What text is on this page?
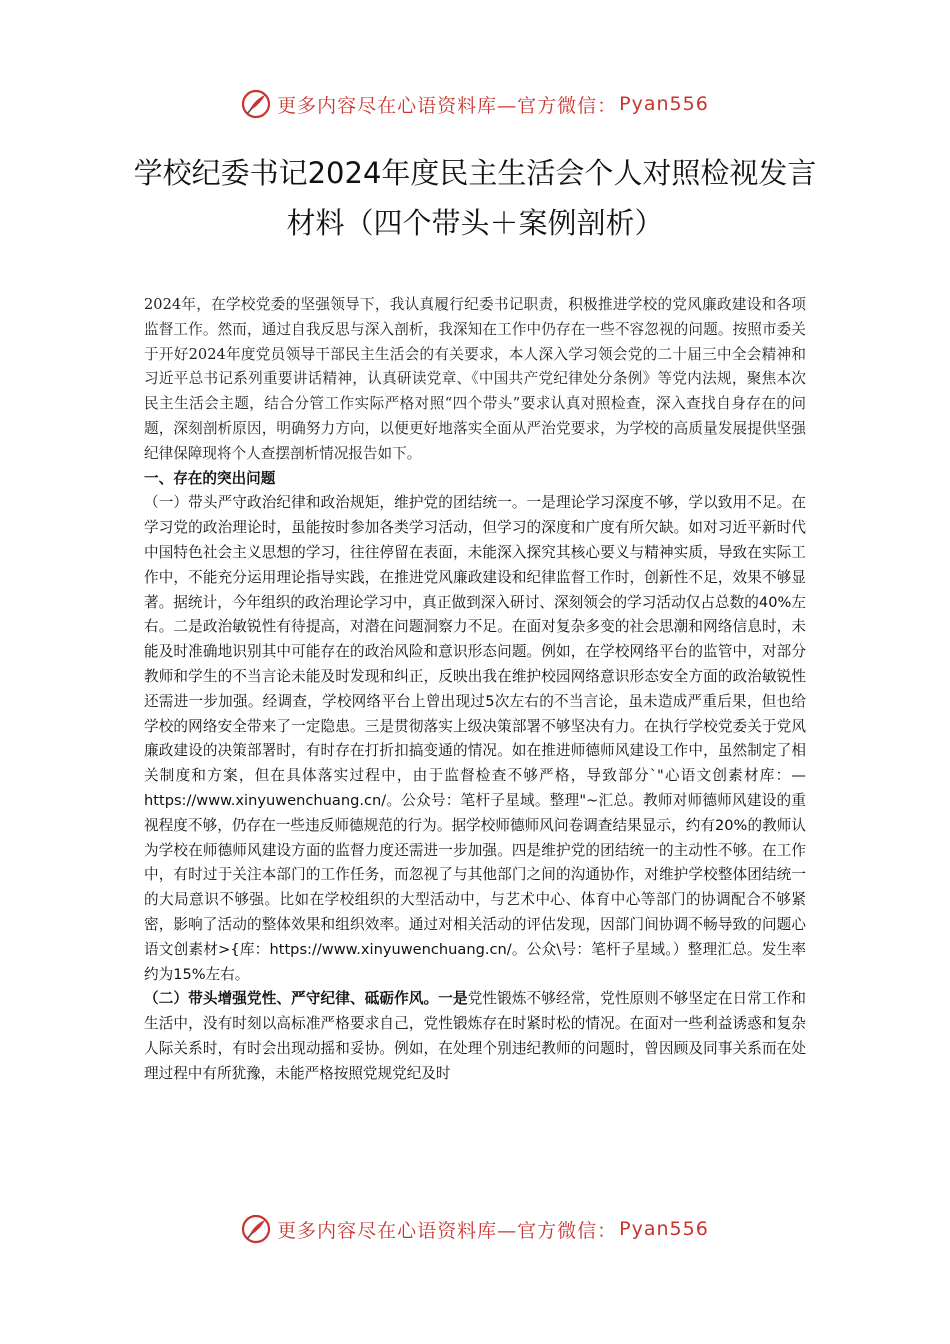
更多内容尽在心语资料库—官方微信： Pyan556
学校纪委书记2024年度民主生活会个人对照检视发言材料（四个带头＋案例剖析）

2024年，在学校党委的坚强领导下，我认真履行纪委书记职责，积极推进学校的党风廉政建设和各项监督工作。然而，通过自我反思与深入剖析，我深知在工作中仍存在一些不容忽视的问题。按照市委关于开好2024年度党员领导干部民主生活会的有关要求，本人深入学习领会党的二十届三中全会精神和习近平总书记系列重要讲话精神，认真研读党章、《中国共产党纪律处分条例》等党内法规，聚焦本次民主生活会主题，结合分管工作实际严格对照“四个带头”要求认真对照检查，深入查找自身存在的问题，深刻剖析原因，明确努力方向，以便更好地落实全面从严治党要求，为学校的高质量发展提供坚强纪律保障现将个人查摆剖析情况报告如下。

一、存在的突出问题

（一）带头严守政治纪律和政治规矩，维护党的团结统一。一是理论学习深度不够，学以致用不足。在学习党的政治理论时，虽能按时参加各类学习活动，但学习的深度和广度有所欠缺。如对习近平新时代中国特色社会主义思想的学习，往往停留在表面，未能深入探究其核心要义与精神实质，导致在实际工作中，不能充分运用理论指导实践，在推进党风廉政建设和纪律监督工作时，创新性不足，效果不够显著。据统计，今年组织的政治理论学习中，真正做到深入研讨、深刻领会的学习活动仅占总数的40%左右。二是政治敏锐性有待提高，对潜在问题洞察力不足。在面对复杂多变的社会思潮和网络信息时，未能及时准确地识别其中可能存在的政治风险和意识形态问题。例如，在学校网络平台的监管中，对部分教师和学生的不当言论未能及时发现和纠正，反映出我在维护校园网络意识形态安全方面的政治敏锐性还需进一步加强。经调查，学校网络平台上曾出现过5次左右的不当言论，虽未造成严重后果，但也给学校的网络安全带来了一定隐患。三是贯彻落实上级决策部署不够坚决有力。在执行学校党委关于党风廉政建设的决策部署时，有时存在打折扣搞变通的情况。如在推进师德师风建设工作中，虽然制定了相关制度和方案，但在具体落实过程中，由于监督检查不够严格，导致部分`"心语文创素材库：—https://www.xinyuwenchuang.cn/。公众号：笔杆子星域。整理"~汇总。教师对师德师风建设的重视程度不够，仍存在一些违反师德规范的行为。据学校师德师风问卷调查结果显示，约有20%的教师认为学校在师德师风建设方面的监督力度还需进一步加强。四是维护党的团结统一的主动性不够。在工作中，有时过于关注本部门的工作任务，而忽视了与其他部门之间的沟通协作，对维护学校整体团结统一的大局意识不够强。比如在学校组织的大型活动中，与艺术中心、体育中心等部门的协调配合不够紧密，影响了活动的整体效果和组织效率。通过对相关活动的评估发现，因部门间协调不畅导致的问题心语文创素材>{库：https://www.xinyuwenchuang.cn/。公众\号：笔杆子星域。）整理汇总。发生率约为15%左右。

（二）带头增强党性、严守纪律、砥砺作风。一是党性锻炼不够经常，党性原则不够坚定在日常工作和生活中，没有时刻以高标准严格要求自己，党性锻炼存在时紧时松的情况。在面对一些利益诱惑和复杂人际关系时，有时会出现动摇和妥协。例如，在处理个别违纪教师的问题时，曾因顾及同事关系而在处理过程中有所犹豫，未能严格按照党规党纪及时

更多内容尽在心语资料库—官方微信： Pyan556
